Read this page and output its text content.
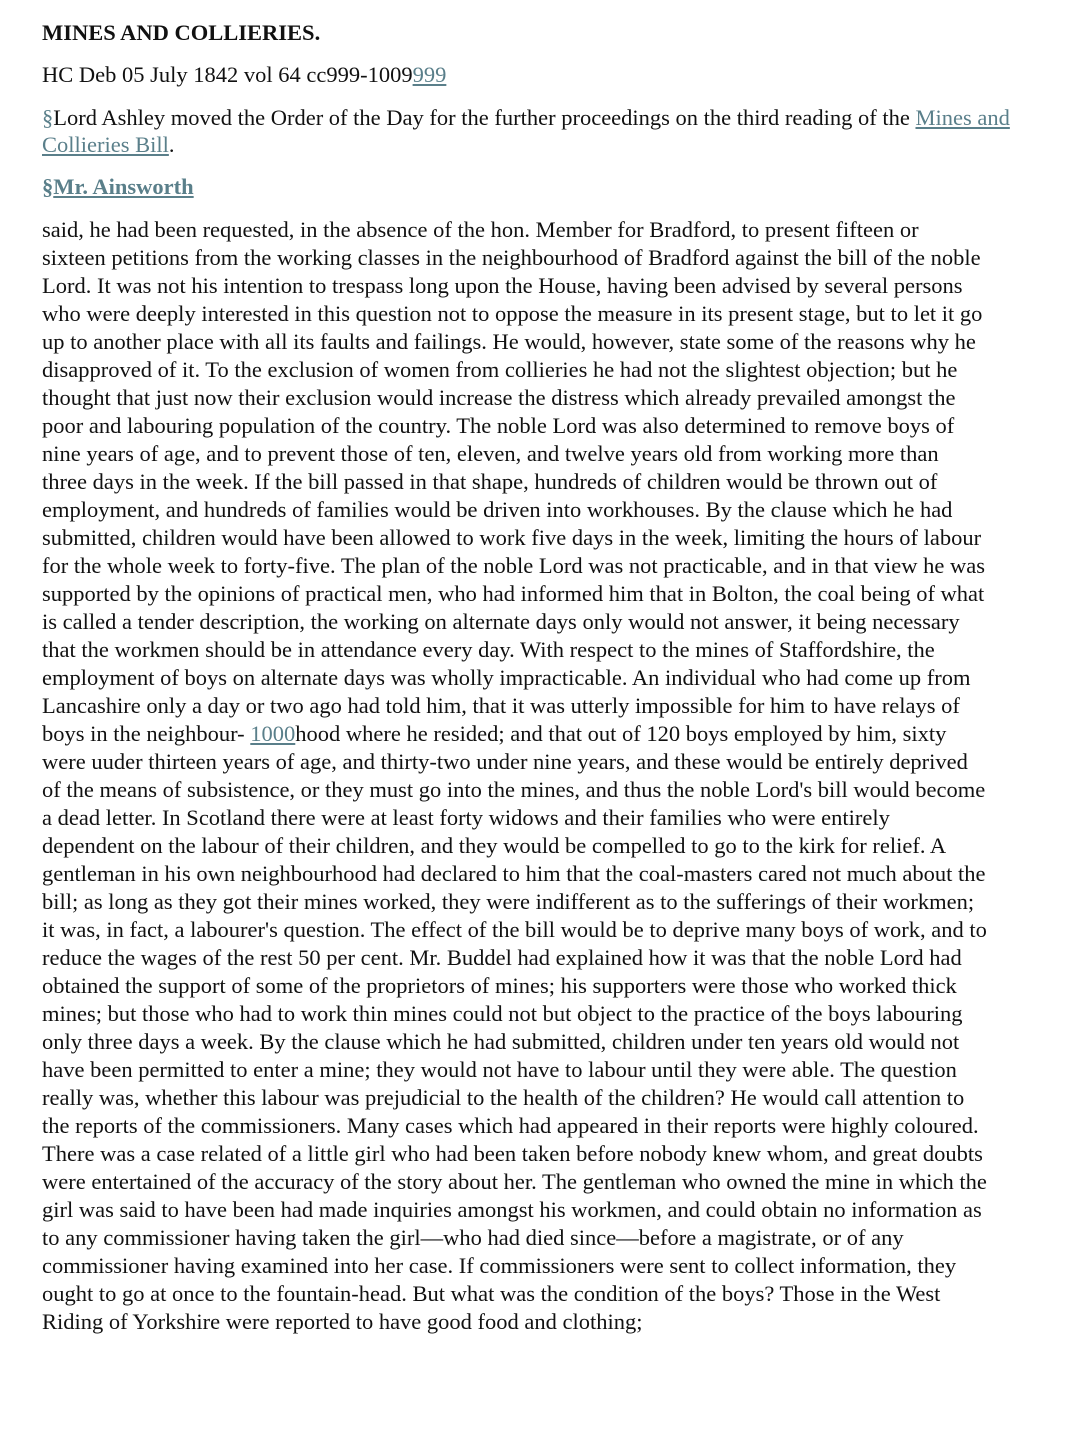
MINES AND COLLIERIES.
HC Deb 05 July 1842 vol 64 cc999-1009999
§Lord Ashley moved the Order of the Day for the further proceedings on the third reading of the Mines and Collieries Bill.
§Mr. Ainsworth
said, he had been requested, in the absence of the hon. Member for Bradford, to present fifteen or sixteen petitions from the working classes in the neighbourhood of Bradford against the bill of the noble Lord. It was not his intention to trespass long upon the House, having been advised by several persons who were deeply interested in this question not to oppose the measure in its present stage, but to let it go up to another place with all its faults and failings. He would, however, state some of the reasons why he disapproved of it. To the exclusion of women from collieries he had not the slightest objection; but he thought that just now their exclusion would increase the distress which already prevailed amongst the poor and labouring population of the country. The noble Lord was also determined to remove boys of nine years of age, and to prevent those of ten, eleven, and twelve years old from working more than three days in the week. If the bill passed in that shape, hundreds of children would be thrown out of employment, and hundreds of families would be driven into workhouses. By the clause which he had submitted, children would have been allowed to work five days in the week, limiting the hours of labour for the whole week to forty-five. The plan of the noble Lord was not practicable, and in that view he was supported by the opinions of practical men, who had informed him that in Bolton, the coal being of what is called a tender description, the working on alternate days only would not answer, it being necessary that the workmen should be in attendance every day. With respect to the mines of Staffordshire, the employment of boys on alternate days was wholly impracticable. An individual who had come up from Lancashire only a day or two ago had told him, that it was utterly impossible for him to have relays of boys in the neighbour- 1000hood where he resided; and that out of 120 boys employed by him, sixty were uuder thirteen years of age, and thirty-two under nine years, and these would be entirely deprived of the means of subsistence, or they must go into the mines, and thus the noble Lord's bill would become a dead letter. In Scotland there were at least forty widows and their families who were entirely dependent on the labour of their children, and they would be compelled to go to the kirk for relief. A gentleman in his own neighbourhood had declared to him that the coal-masters cared not much about the bill; as long as they got their mines worked, they were indifferent as to the sufferings of their workmen; it was, in fact, a labourer's question. The effect of the bill would be to deprive many boys of work, and to reduce the wages of the rest 50 per cent. Mr. Buddel had explained how it was that the noble Lord had obtained the support of some of the proprietors of mines; his supporters were those who worked thick mines; but those who had to work thin mines could not but object to the practice of the boys labouring only three days a week. By the clause which he had submitted, children under ten years old would not have been permitted to enter a mine; they would not have to labour until they were able. The question really was, whether this labour was prejudicial to the health of the children? He would call attention to the reports of the commissioners. Many cases which had appeared in their reports were highly coloured. There was a case related of a little girl who had been taken before nobody knew whom, and great doubts were entertained of the accuracy of the story about her. The gentleman who owned the mine in which the girl was said to have been had made inquiries amongst his workmen, and could obtain no information as to any commissioner having taken the girl—who had died since—before a magistrate, or of any commissioner having examined into her case. If commissioners were sent to collect information, they ought to go at once to the fountain-head. But what was the condition of the boys? Those in the West Riding of Yorkshire were reported to have good food and clothing;
